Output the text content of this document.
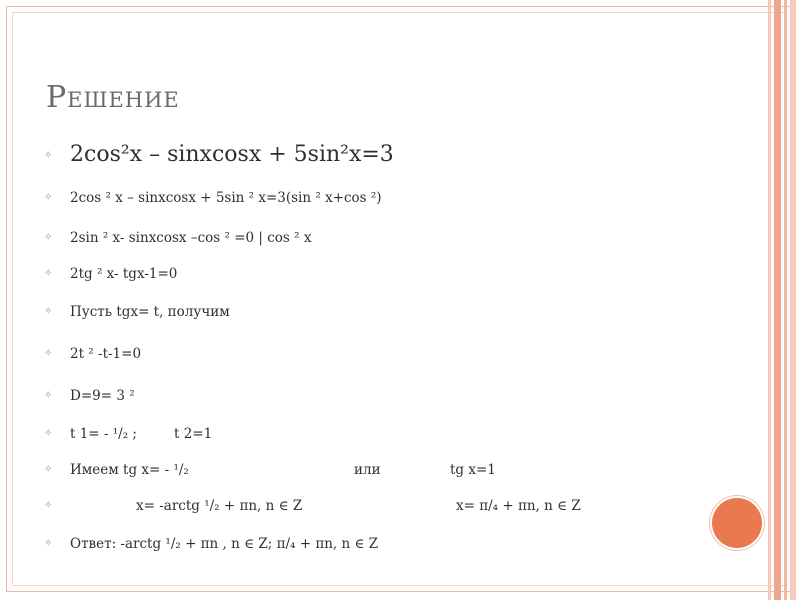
Решение
✧ 2cos²x – sinxcosx + 5sin²x=3
✧ 2cos ² x – sinxcosx + 5sin ² x=3(sin ² x+cos ²)
✧ 2sin ² x- sinxcosx –cos ² =0 | cos ² x
✧ 2tg ² x- tgx-1=0
✧ Пусть tgx= t, получим
✧ 2t ² -t-1=0
✧ D=9= 3 ²
✧ t 1= - ¹/₂ ;	t 2=1
✧ Имеем tg x= - ¹/₂	или	tg x=1
✧	x= -arctg ¹/₂ + πn, n ∈ Z	x= π/₄ + πn, n ∈ Z
✧ Ответ: -arctg ¹/₂ + πn , n ∈ Z; π/₄ + πn, n ∈ Z
